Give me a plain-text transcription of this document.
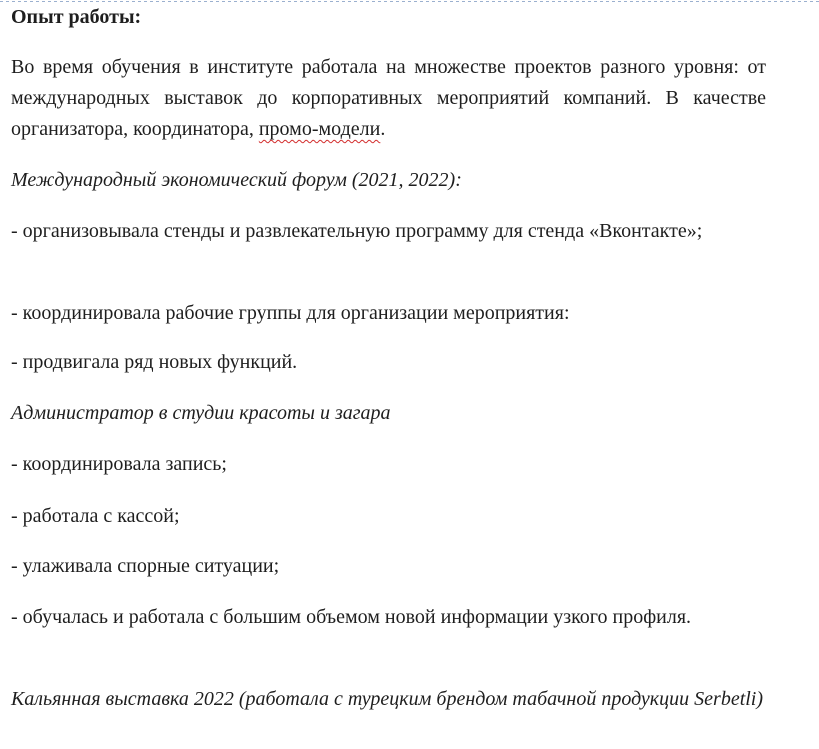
Опыт работы:

Во время обучения в институте работала на множестве проектов разного уровня: от международных выставок до корпоративных мероприятий компаний. В качестве организатора, координатора, промо-модели.

Международный экономический форум (2021, 2022):

- организовывала стенды и развлекательную программу для стенда «Вконтакте»;

- координировала рабочие группы для организации мероприятия:

- продвигала ряд новых функций.

Администратор в студии красоты и загара

- координировала запись;

- работала с кассой;

- улаживала спорные ситуации;

- обучалась и работала с большим объемом новой информации узкого профиля.

Кальянная выставка 2022 (работала с турецким брендом табачной продукции Serbetli)
